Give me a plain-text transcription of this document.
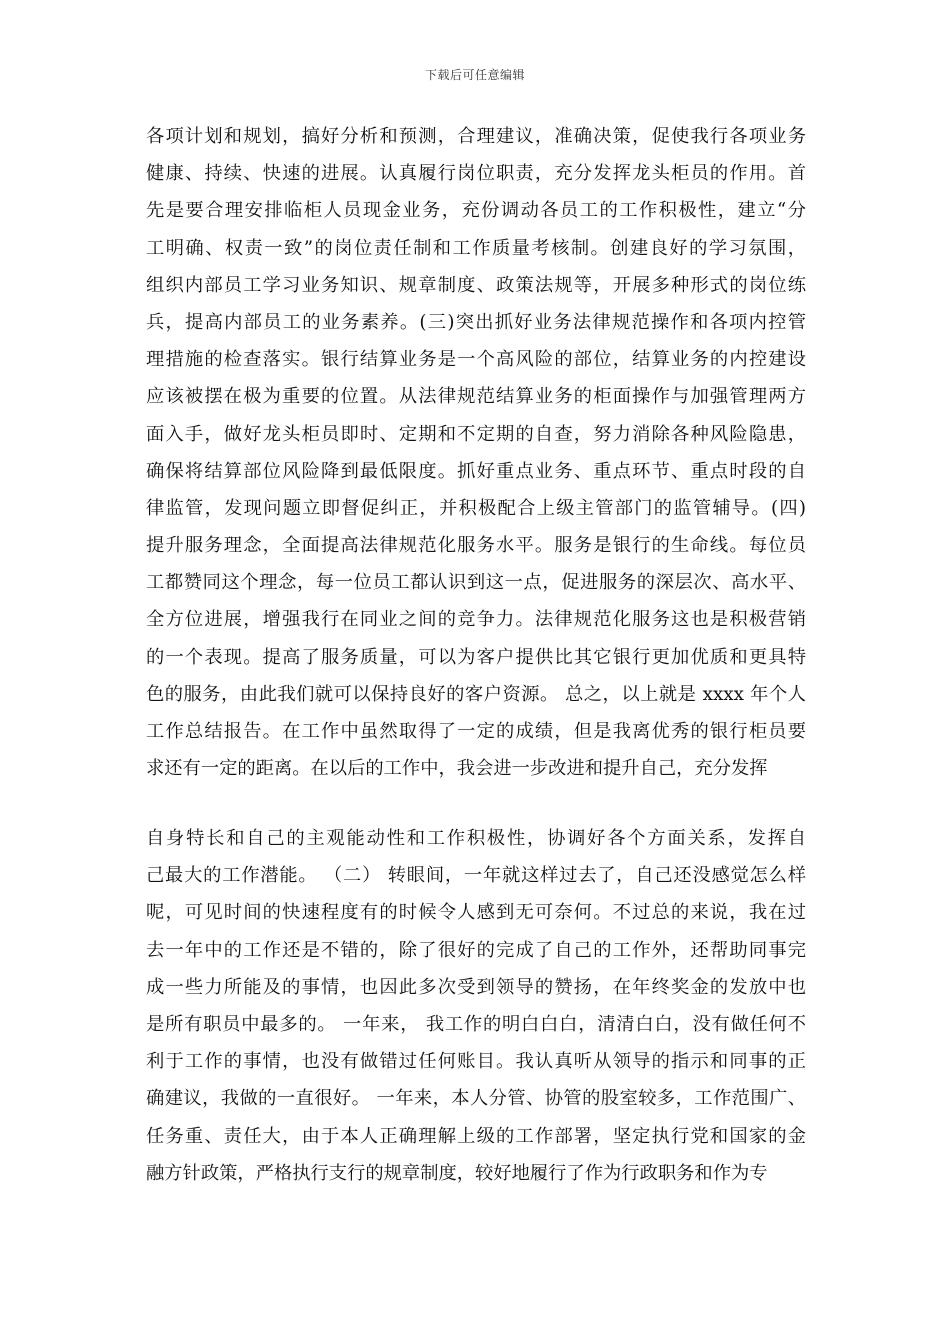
下载后可任意编辑
各项计划和规划，搞好分析和预测，合理建议，准确决策，促使我行各项业务
健康、持续、快速的进展。认真履行岗位职责，充分发挥龙头柜员的作用。首
先是要合理安排临柜人员现金业务，充份调动各员工的工作积极性，建立“分
工明确、权责一致”的岗位责任制和工作质量考核制。创建良好的学习氛围，
组织内部员工学习业务知识、规章制度、政策法规等，开展多种形式的岗位练
兵，提高内部员工的业务素养。(三)突出抓好业务法律规范操作和各项内控管
理措施的检查落实。银行结算业务是一个高风险的部位，结算业务的内控建设
应该被摆在极为重要的位置。从法律规范结算业务的柜面操作与加强管理两方
面入手，做好龙头柜员即时、定期和不定期的自查，努力消除各种风险隐患，
确保将结算部位风险降到最低限度。抓好重点业务、重点环节、重点时段的自
律监管，发现问题立即督促纠正，并积极配合上级主管部门的监管辅导。(四)
提升服务理念，全面提高法律规范化服务水平。服务是银行的生命线。每位员
工都赞同这个理念，每一位员工都认识到这一点，促进服务的深层次、高水平、
全方位进展，增强我行在同业之间的竞争力。法律规范化服务这也是积极营销
的一个表现。提高了服务质量，可以为客户提供比其它银行更加优质和更具特
色的服务，由此我们就可以保持良好的客户资源。 总之，以上就是 xxxx 年个人
工作总结报告。在工作中虽然取得了一定的成绩，但是我离优秀的银行柜员要
求还有一定的距离。在以后的工作中，我会进一步改进和提升自己，充分发挥
自身特长和自己的主观能动性和工作积极性，协调好各个方面关系，发挥自
己最大的工作潜能。 （二） 转眼间，一年就这样过去了，自己还没感觉怎么样
呢，可见时间的快速程度有的时候令人感到无可奈何。不过总的来说，我在过
去一年中的工作还是不错的，除了很好的完成了自己的工作外，还帮助同事完
成一些力所能及的事情，也因此多次受到领导的赞扬，在年终奖金的发放中也
是所有职员中最多的。 一年来， 我工作的明白白白，清清白白，没有做任何不
利于工作的事情，也没有做错过任何账目。我认真听从领导的指示和同事的正
确建议，我做的一直很好。 一年来，本人分管、协管的股室较多，工作范围广、
任务重、责任大，由于本人正确理解上级的工作部署，坚定执行党和国家的金
融方针政策，严格执行支行的规章制度，较好地履行了作为行政职务和作为专
